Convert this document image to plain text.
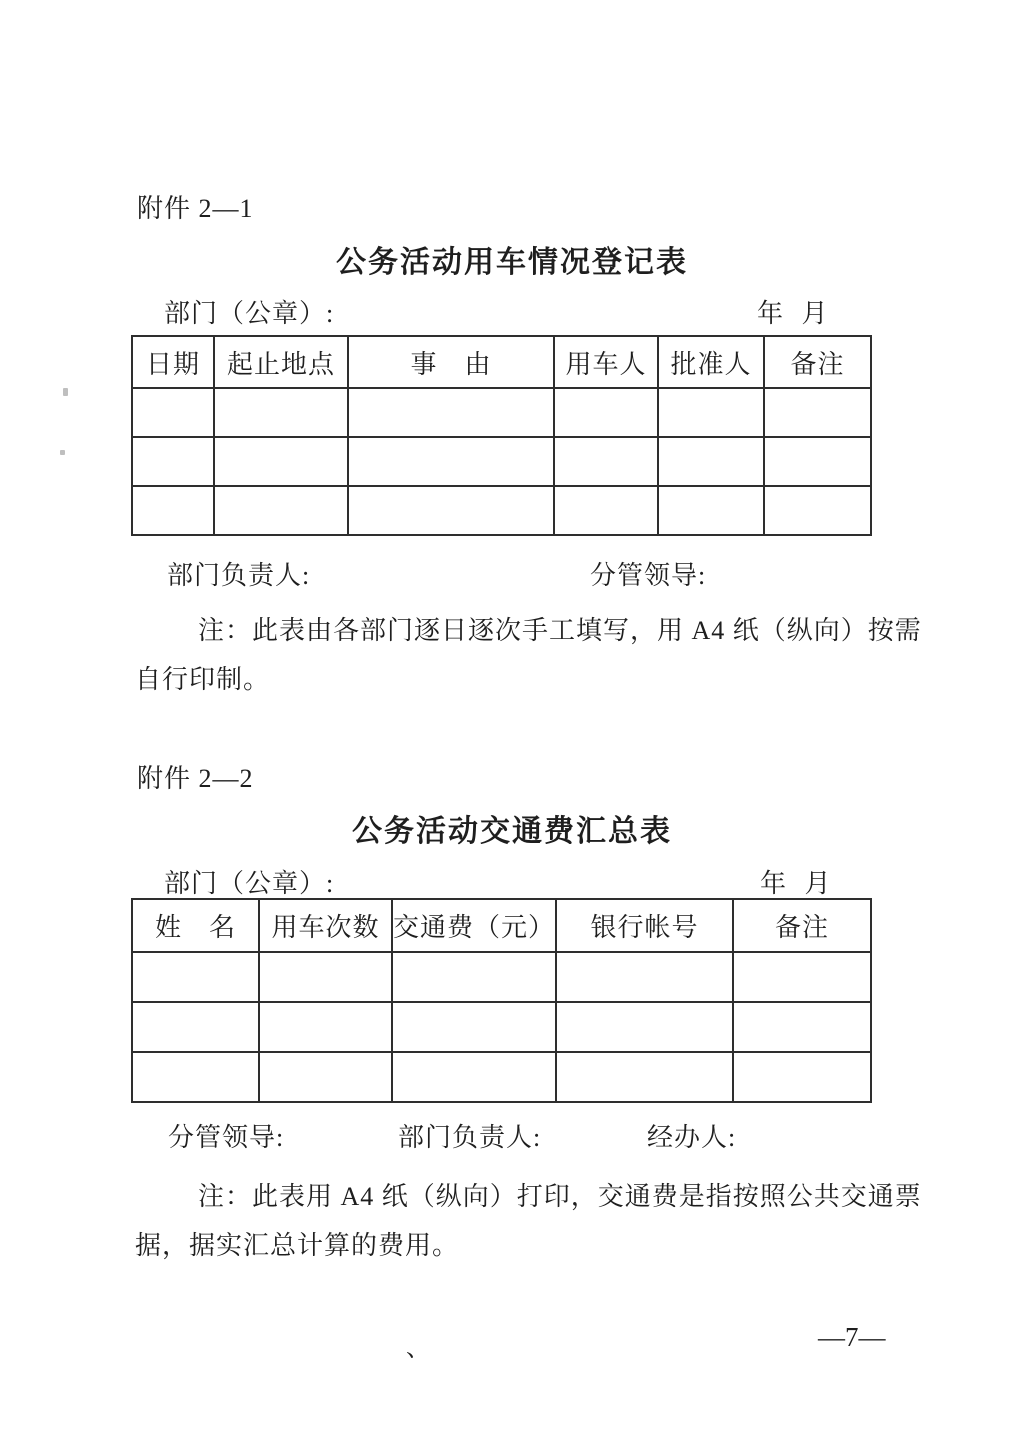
附件 2—1
公务活动用车情况登记表
部门（公章）:	年 月
日期	起止地点	事　由	用车人	批准人	备注

部门负责人:	分管领导:
注：此表由各部门逐日逐次手工填写，用 A4 纸（纵向）按需
自行印制。
附件 2—2
公务活动交通费汇总表
部门（公章）:	年 月
姓　名	用车次数	交通费（元）	银行帐号	备注

分管领导:	部门负责人:	经办人:
注：此表用 A4 纸（纵向）打印，交通费是指按照公共交通票
据，据实汇总计算的费用。
、	—7—
